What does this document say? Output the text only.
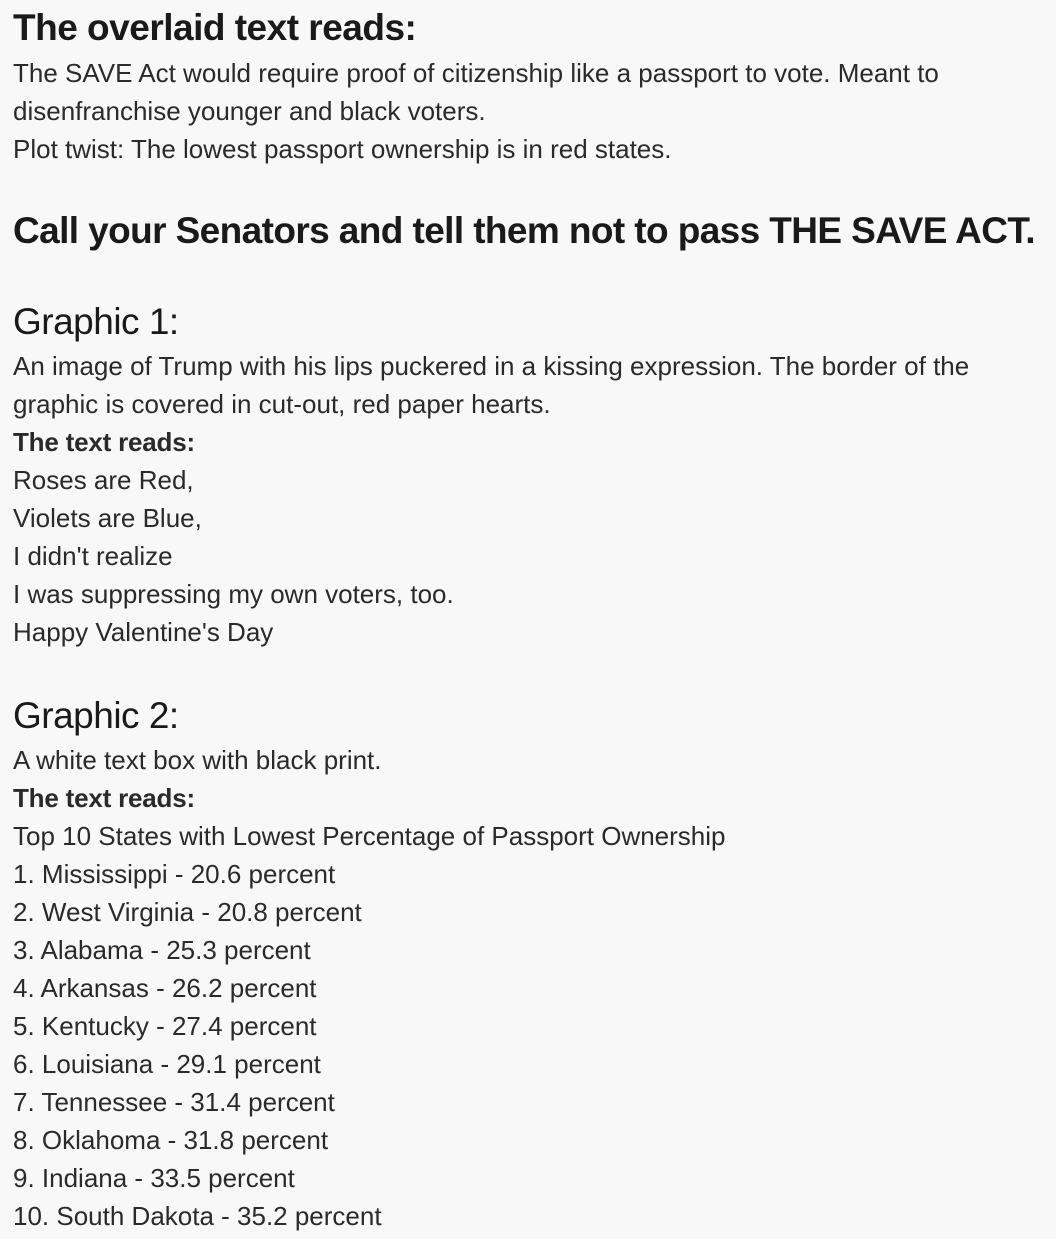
The overlaid text reads:
The SAVE Act would require proof of citizenship like a passport to vote. Meant to
disenfranchise younger and black voters.
Plot twist: The lowest passport ownership is in red states.
Call your Senators and tell them not to pass THE SAVE ACT.
Graphic 1:
An image of Trump with his lips puckered in a kissing expression. The border of the
graphic is covered in cut-out, red paper hearts.
The text reads:
Roses are Red,
Violets are Blue,
I didn't realize
I was suppressing my own voters, too.
Happy Valentine's Day
Graphic 2:
A white text box with black print.
The text reads:
Top 10 States with Lowest Percentage of Passport Ownership
1. Mississippi - 20.6 percent
2. West Virginia - 20.8 percent
3. Alabama - 25.3 percent
4. Arkansas - 26.2 percent
5. Kentucky - 27.4 percent
6. Louisiana - 29.1 percent
7. Tennessee - 31.4 percent
8. Oklahoma - 31.8 percent
9. Indiana - 33.5 percent
10. South Dakota - 35.2 percent
